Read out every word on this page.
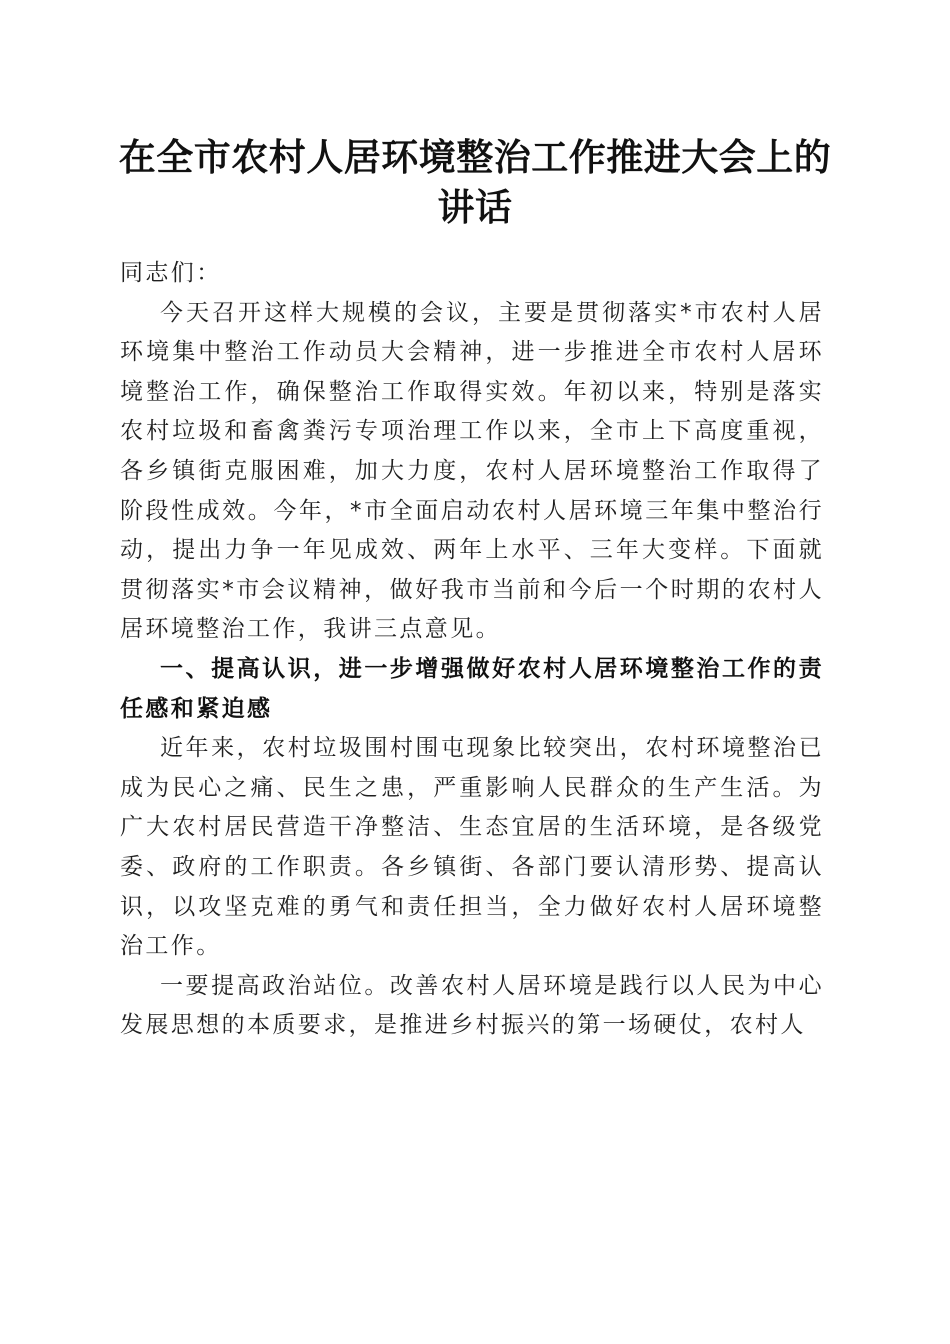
在全市农村人居环境整治工作推进大会上的讲话

同志们：

今天召开这样大规模的会议，主要是贯彻落实*市农村人居环境集中整治工作动员大会精神，进一步推进全市农村人居环境整治工作，确保整治工作取得实效。年初以来，特别是落实农村垃圾和畜禽粪污专项治理工作以来，全市上下高度重视，各乡镇街克服困难，加大力度，农村人居环境整治工作取得了阶段性成效。今年，*市全面启动农村人居环境三年集中整治行动，提出力争一年见成效、两年上水平、三年大变样。下面就贯彻落实*市会议精神，做好我市当前和今后一个时期的农村人居环境整治工作，我讲三点意见。

一、提高认识，进一步增强做好农村人居环境整治工作的责任感和紧迫感

近年来，农村垃圾围村围屯现象比较突出，农村环境整治已成为民心之痛、民生之患，严重影响人民群众的生产生活。为广大农村居民营造干净整洁、生态宜居的生活环境，是各级党委、政府的工作职责。各乡镇街、各部门要认清形势、提高认识，以攻坚克难的勇气和责任担当，全力做好农村人居环境整治工作。

一要提高政治站位。改善农村人居环境是践行以人民为中心发展思想的本质要求，是推进乡村振兴的第一场硬仗，农村人
